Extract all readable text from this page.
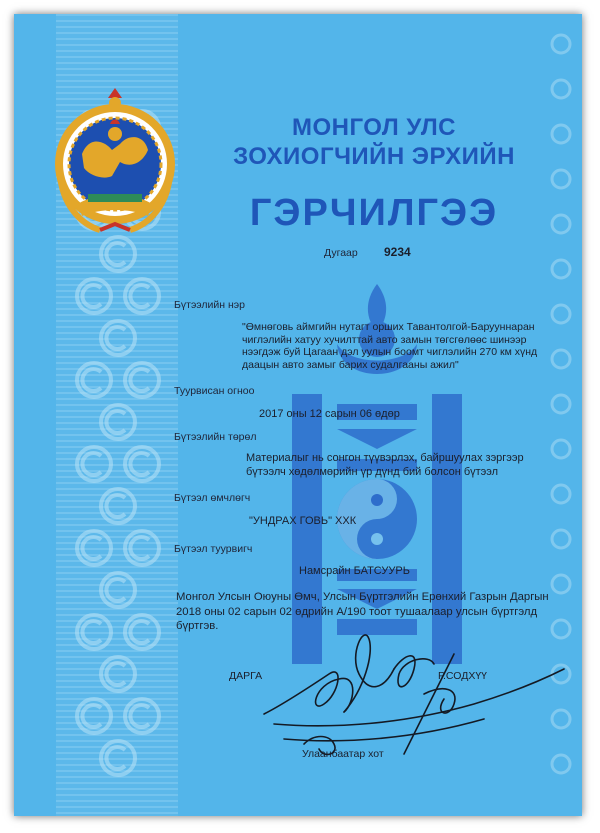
МОНГОЛ УЛС
ЗОХИОГЧИЙН ЭРХИЙН
ГЭРЧИЛГЭЭ
Дугаар 9234
Бүтээлийн нэр
"Өмнөговь аймгийн нутагт орших Тавантолгой-Барууннаран чиглэлийн хатуу хучилттай авто замын төгсгөлөөс шинээр нээгдэж буй Цагаан дэл уулын боомт чиглэлийн 270 км хүнд даацын авто замыг барих судалгааны ажил"
Туурвисан огноо
2017 оны 12 сарын 06 өдөр
Бүтээлийн төрөл
Материалыг нь сонгон түүвэрлэх, байршуулах зэргээр бүтээлч хөдөлмөрийн үр дүнд бий болсон бүтээл
Бүтээл өмчлөгч
"УНДРАХ ГОВЬ" ХХК
Бүтээл туурвигч
Намсрайн БАТСУУРЬ
Монгол Улсын Оюуны Өмч, Улсын Бүртгэлийн Ерөнхий Газрын Даргын 2018 оны 02 сарын 02 өдрийн А/190 тоот тушаалаар улсын бүртгэлд бүртгэв.
ДАРГА	Р.СОДХҮҮ
Улаанбаатар хот
